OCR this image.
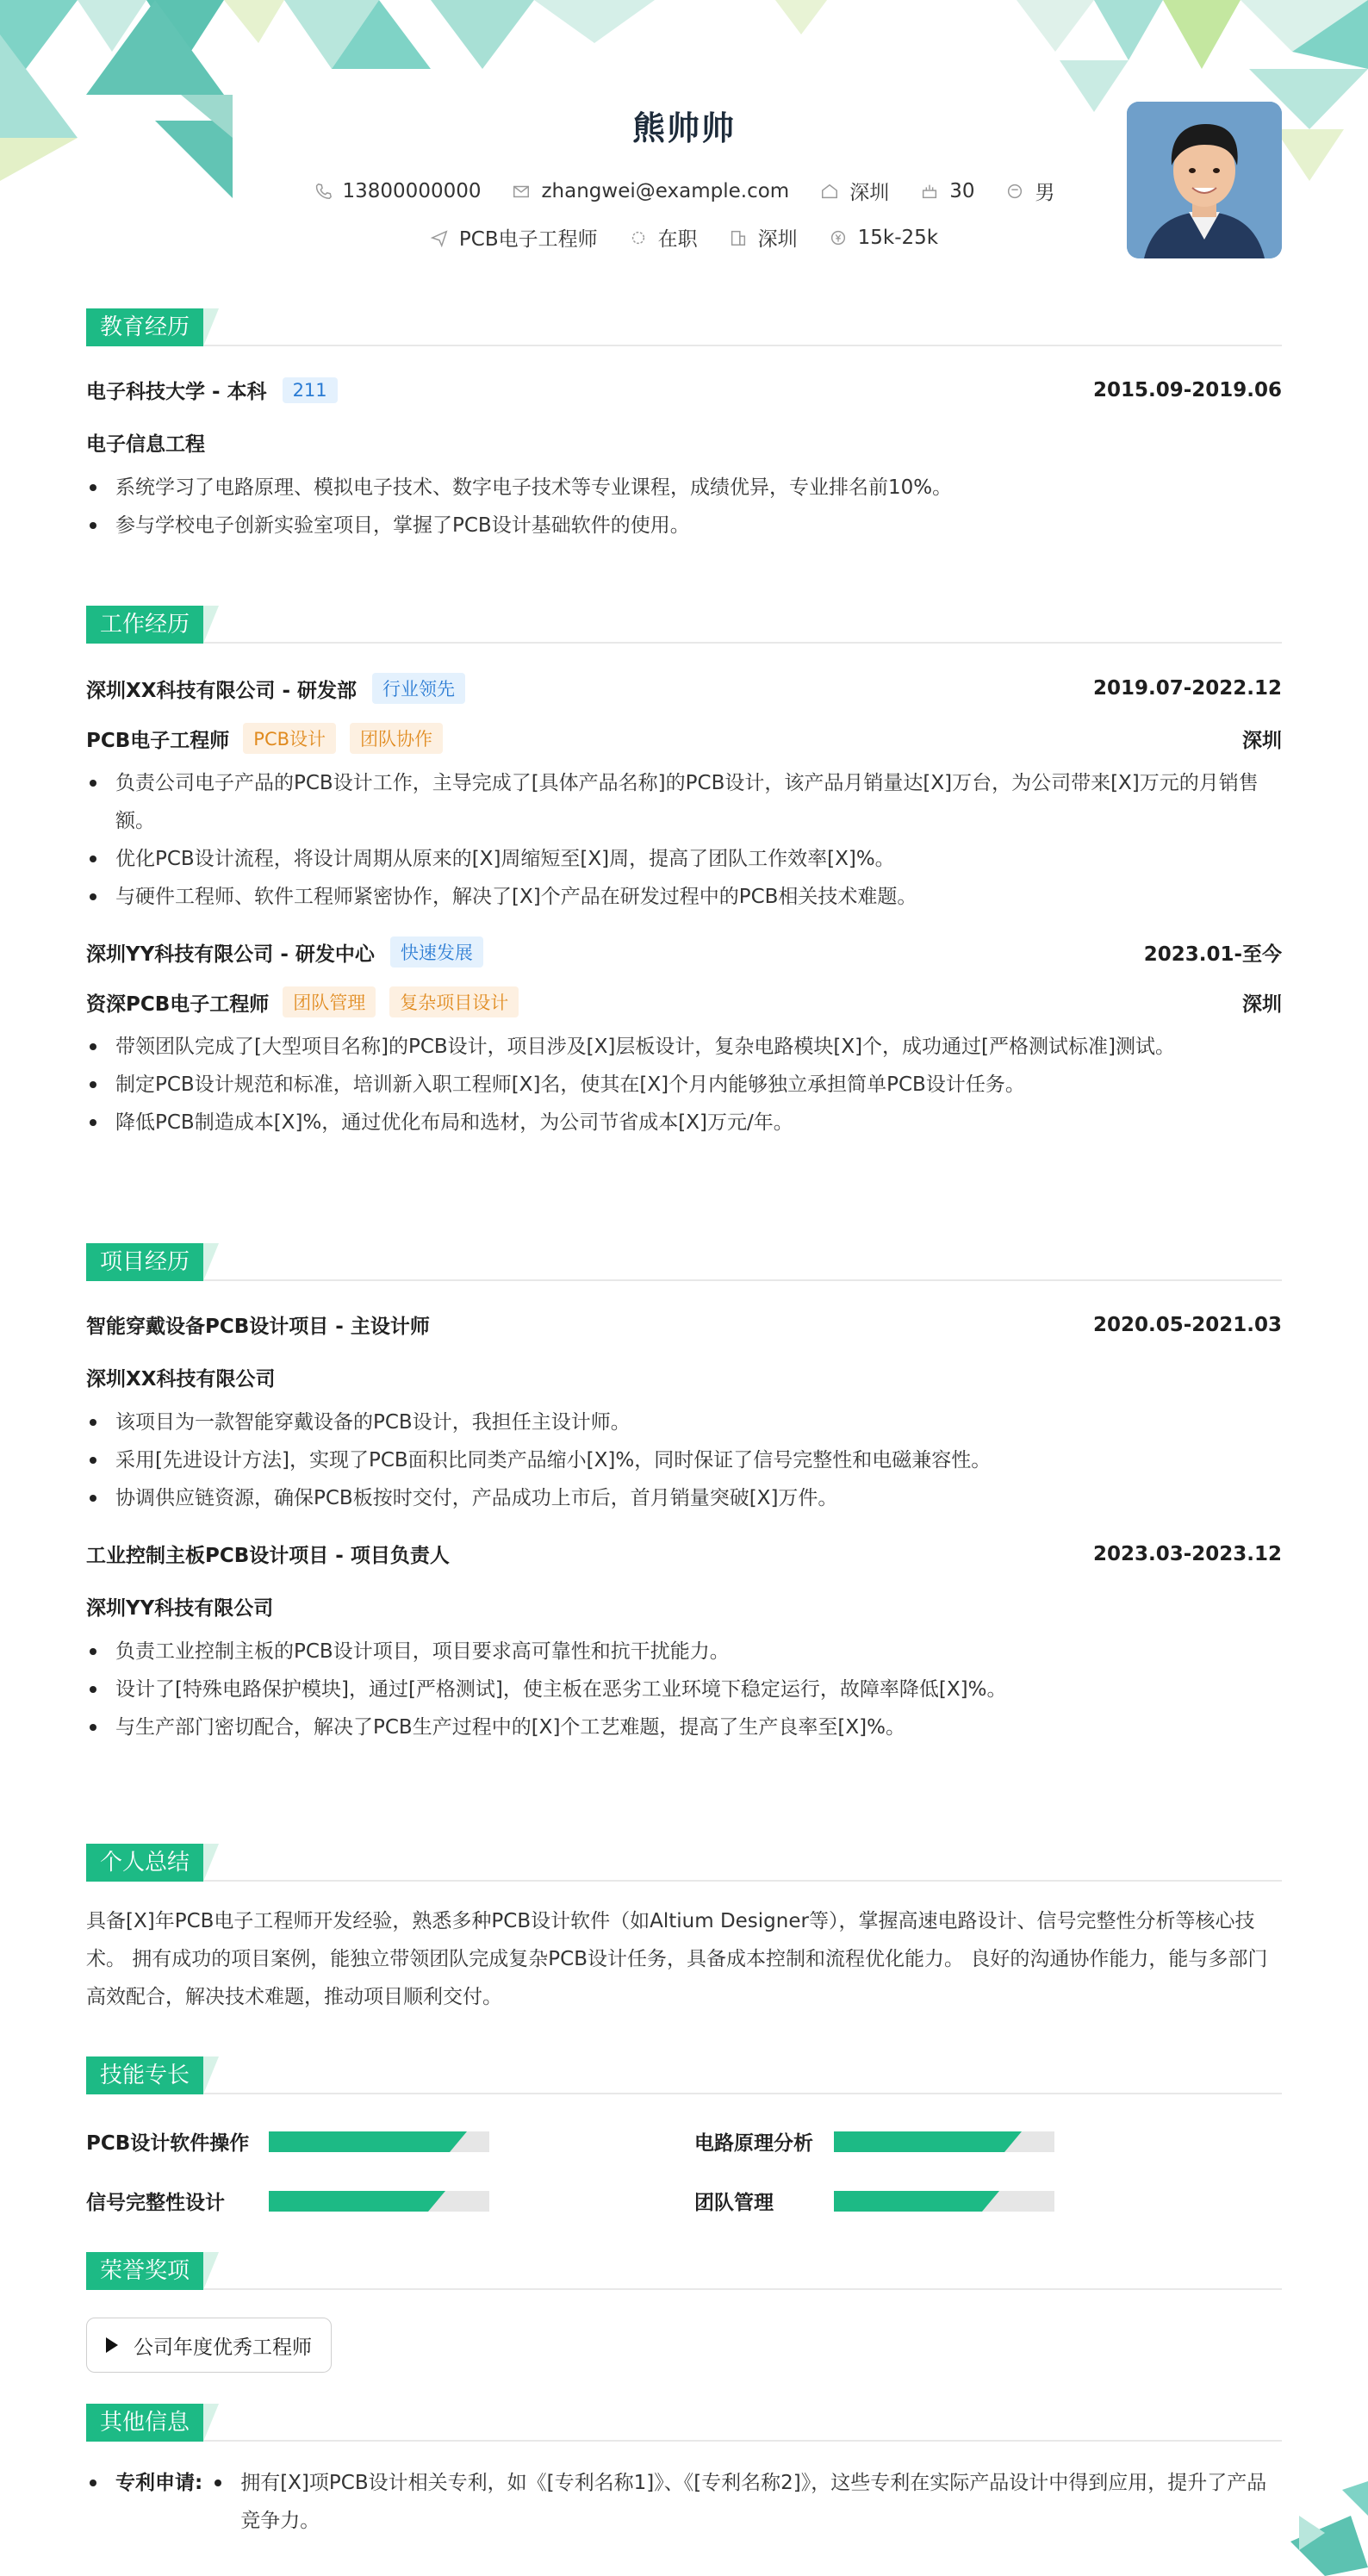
熊帅帅
13800000000	zhangwei@example.com	深圳	30	男
PCB电子工程师	在职	深圳	15k-25k
教育经历
电子科技大学 - 本科	211	2015.09-2019.06
电子信息工程
系统学习了电路原理、模拟电子技术、数字电子技术等专业课程，成绩优异，专业排名前10%。
参与学校电子创新实验室项目，掌握了PCB设计基础软件的使用。
工作经历
深圳XX科技有限公司 - 研发部	行业领先	2019.07-2022.12
PCB电子工程师	PCB设计	团队协作	深圳
负责公司电子产品的PCB设计工作，主导完成了[具体产品名称]的PCB设计，该产品月销量达[X]万台，为公司带来[X]万元的月销售额。
优化PCB设计流程，将设计周期从原来的[X]周缩短至[X]周，提高了团队工作效率[X]%。
与硬件工程师、软件工程师紧密协作，解决了[X]个产品在研发过程中的PCB相关技术难题。
深圳YY科技有限公司 - 研发中心	快速发展	2023.01-至今
资深PCB电子工程师	团队管理	复杂项目设计	深圳
带领团队完成了[大型项目名称]的PCB设计，项目涉及[X]层板设计，复杂电路模块[X]个，成功通过[严格测试标准]测试。
制定PCB设计规范和标准，培训新入职工程师[X]名，使其在[X]个月内能够独立承担简单PCB设计任务。
降低PCB制造成本[X]%，通过优化布局和选材，为公司节省成本[X]万元/年。
项目经历
智能穿戴设备PCB设计项目 - 主设计师	2020.05-2021.03
深圳XX科技有限公司
该项目为一款智能穿戴设备的PCB设计，我担任主设计师。
采用[先进设计方法]，实现了PCB面积比同类产品缩小[X]%，同时保证了信号完整性和电磁兼容性。
协调供应链资源，确保PCB板按时交付，产品成功上市后，首月销量突破[X]万件。
工业控制主板PCB设计项目 - 项目负责人	2023.03-2023.12
深圳YY科技有限公司
负责工业控制主板的PCB设计项目，项目要求高可靠性和抗干扰能力。
设计了[特殊电路保护模块]，通过[严格测试]，使主板在恶劣工业环境下稳定运行，故障率降低[X]%。
与生产部门密切配合，解决了PCB生产过程中的[X]个工艺难题，提高了生产良率至[X]%。
个人总结
具备[X]年PCB电子工程师开发经验，熟悉多种PCB设计软件（如Altium Designer等），掌握高速电路设计、信号完整性分析等核心技术。 拥有成功的项目案例，能独立带领团队完成复杂PCB设计任务，具备成本控制和流程优化能力。 良好的沟通协作能力，能与多部门高效配合，解决技术难题，推动项目顺利交付。
技能专长
PCB设计软件操作	电路原理分析
信号完整性设计	团队管理
荣誉奖项
公司年度优秀工程师
其他信息
专利申请:	拥有[X]项PCB设计相关专利，如《[专利名称1]》、《[专利名称2]》，这些专利在实际产品设计中得到应用，提升了产品竞争力。
